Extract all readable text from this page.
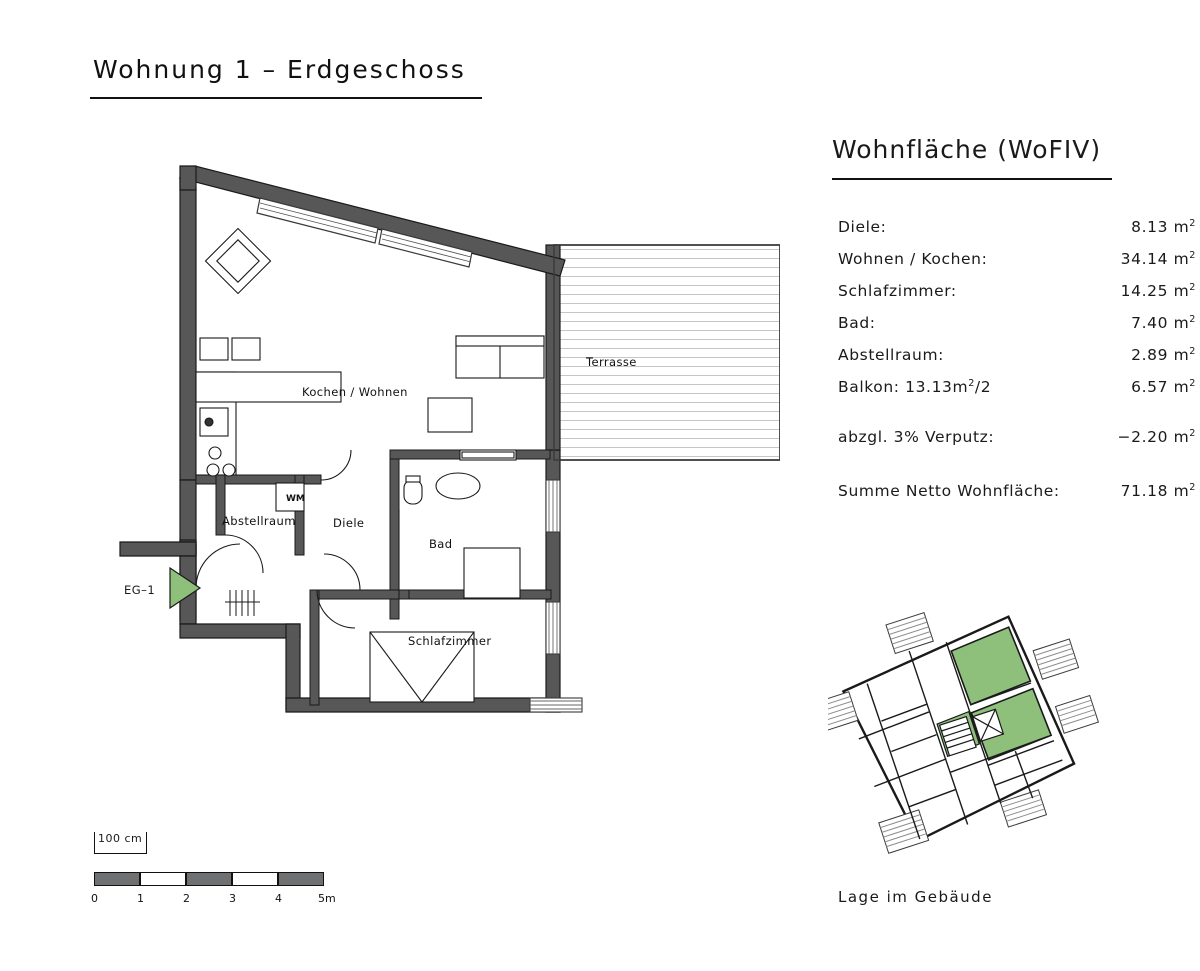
Wohnung 1 – Erdgeschoss
Kochen / Wohnen
Terrasse
Abstellraum	Diele
Bad
Schlafzimmer
WM
EG–1
Wohnfläche (WoFIV)
Diele:	8.13 $m^2$
Wohnen / Kochen:	34.14 $m^2$
Schlafzimmer:	14.25 $m^2$
Bad:	7.40 $m^2$
Abstellraum:	2.89 $m^2$
Balkon: $13.13m^2/2$	6.57 $m^2$
abzgl. 3% Verputz:	−2.20 $m^2$
Summe Netto Wohnfläche:	71.18 $m^2$
100 cm
0	1	2	3	4	5m	Lage im Gebäude
